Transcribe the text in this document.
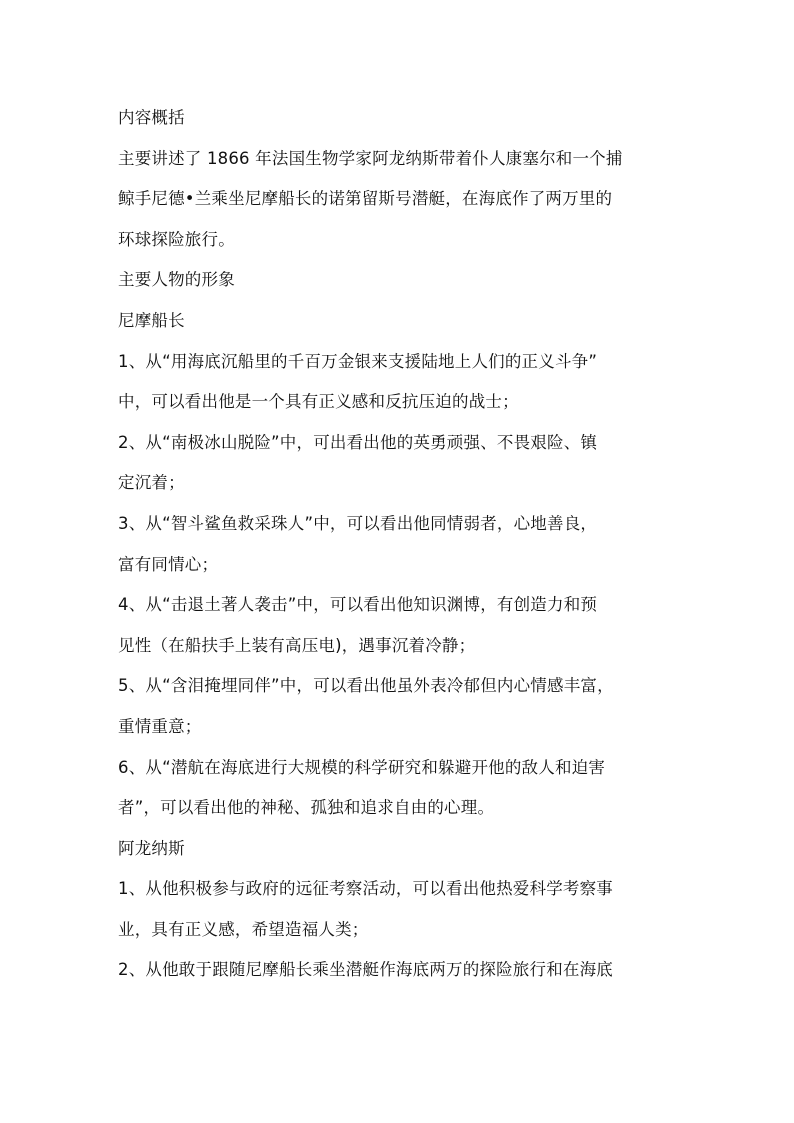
内容概括
主要讲述了 1866 年法国生物学家阿龙纳斯带着仆人康塞尔和一个捕
鲸手尼德•兰乘坐尼摩船长的诺第留斯号潜艇，在海底作了两万里的
环球探险旅行。
主要人物的形象
尼摩船长
1、从“用海底沉船里的千百万金银来支援陆地上人们的正义斗争”
中，可以看出他是一个具有正义感和反抗压迫的战士；
2、从“南极冰山脱险”中，可出看出他的英勇顽强、不畏艰险、镇
定沉着；
3、从“智斗鲨鱼救采珠人”中，可以看出他同情弱者，心地善良，
富有同情心；
4、从“击退土著人袭击”中，可以看出他知识渊博，有创造力和预
见性（在船扶手上装有高压电)，遇事沉着冷静；
5、从“含泪掩埋同伴”中，可以看出他虽外表冷郁但内心情感丰富，
重情重意；
6、从“潜航在海底进行大规模的科学研究和躲避开他的敌人和迫害
者”，可以看出他的神秘、孤独和追求自由的心理。
阿龙纳斯
1、从他积极参与政府的远征考察活动，可以看出他热爱科学考察事
业，具有正义感，希望造福人类；
2、从他敢于跟随尼摩船长乘坐潜艇作海底两万的探险旅行和在海底
